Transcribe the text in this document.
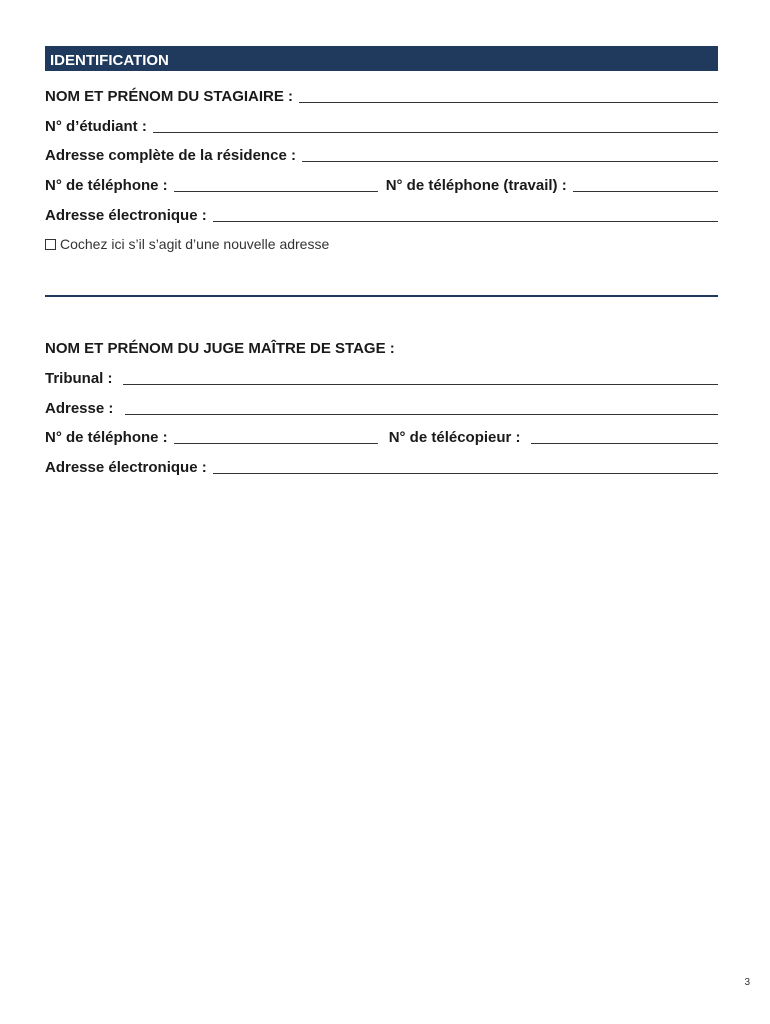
IDENTIFICATION
NOM ET PRÉNOM DU STAGIAIRE :
N° d’étudiant :
Adresse complète de la résidence :
N° de téléphone :	N° de téléphone (travail) :
Adresse électronique :
Cochez ici s’il s’agit d’une nouvelle adresse
NOM ET PRÉNOM DU JUGE MAÎTRE DE STAGE :
Tribunal :
Adresse :
N° de téléphone :	N° de télécopieur :
Adresse électronique :
3
